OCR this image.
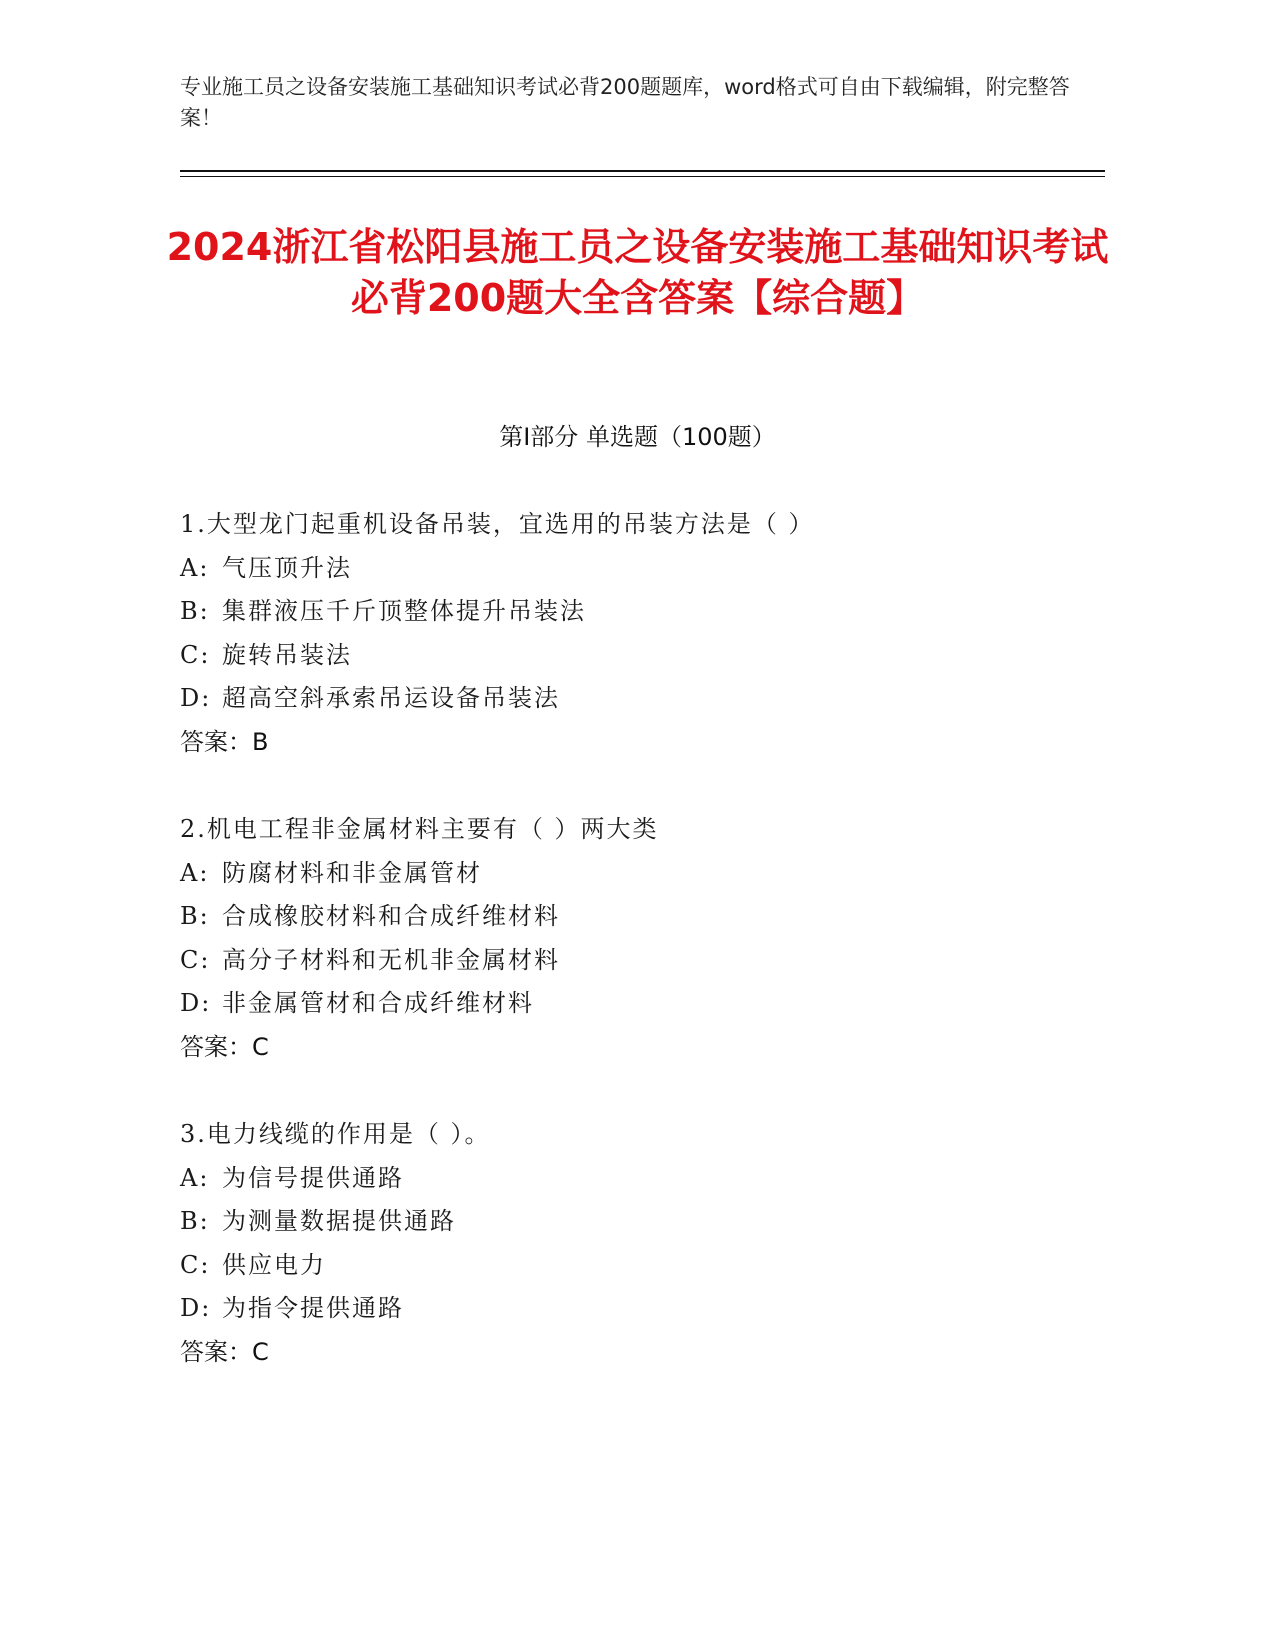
专业施工员之设备安装施工基础知识考试必背200题题库，word格式可自由下载编辑，附完整答案！
2024浙江省松阳县施工员之设备安装施工基础知识考试必背200题大全含答案【综合题】
第Ⅰ部分 单选题（100题）
1.大型龙门起重机设备吊装，宜选用的吊装方法是（ ）
A: 气压顶升法
B: 集群液压千斤顶整体提升吊装法
C: 旋转吊装法
D: 超高空斜承索吊运设备吊装法
答案：B
2.机电工程非金属材料主要有（ ）两大类
A: 防腐材料和非金属管材
B: 合成橡胶材料和合成纤维材料
C: 高分子材料和无机非金属材料
D: 非金属管材和合成纤维材料
答案：C
3.电力线缆的作用是（ ）。
A: 为信号提供通路
B: 为测量数据提供通路
C: 供应电力
D: 为指令提供通路
答案：C
